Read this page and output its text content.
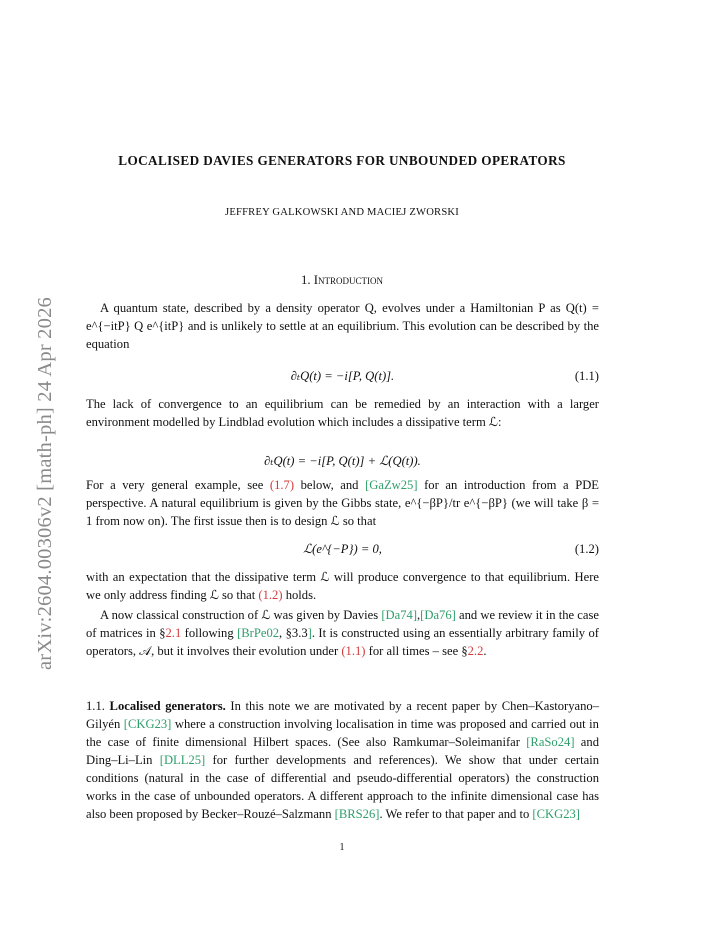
arXiv:2604.00306v2 [math-ph] 24 Apr 2026
LOCALISED DAVIES GENERATORS FOR UNBOUNDED OPERATORS
JEFFREY GALKOWSKI AND MACIEJ ZWORSKI
1. Introduction

A quantum state, described by a density operator Q, evolves under a Hamiltonian P as Q(t) = e^{−itP} Q e^{itP} and is unlikely to settle at an equilibrium. This evolution can be described by the equation

∂ₜQ(t) = −i[P, Q(t)].	(1.1)

The lack of convergence to an equilibrium can be remedied by an interaction with a larger environment modelled by Lindblad evolution which includes a dissipative term ℒ:

∂ₜQ(t) = −i[P, Q(t)] + ℒ(Q(t)).

For a very general example, see (1.7) below, and [GaZw25] for an introduction from a PDE perspective. A natural equilibrium is given by the Gibbs state, e^{−βP}/tr e^{−βP} (we will take β = 1 from now on). The first issue then is to design ℒ so that

ℒ(e^{−P}) = 0,	(1.2)

with an expectation that the dissipative term ℒ will produce convergence to that equilibrium. Here we only address finding ℒ so that (1.2) holds.

A now classical construction of ℒ was given by Davies [Da74],[Da76] and we review it in the case of matrices in §2.1 following [BrPe02, §3.3]. It is constructed using an essentially arbitrary family of operators, 𝒜, but it involves their evolution under (1.1) for all times – see §2.2.

1.1. Localised generators. In this note we are motivated by a recent paper by Chen–Kastoryano–Gilyén [CKG23] where a construction involving localisation in time was proposed and carried out in the case of finite dimensional Hilbert spaces. (See also Ramkumar–Soleimanifar [RaSo24] and Ding–Li–Lin [DLL25] for further developments and references). We show that under certain conditions (natural in the case of differential and pseudo-differential operators) the construction works in the case of unbounded operators. A different approach to the infinite dimensional case has also been proposed by Becker–Rouzé–Salzmann [BRS26]. We refer to that paper and to [CKG23]

1
